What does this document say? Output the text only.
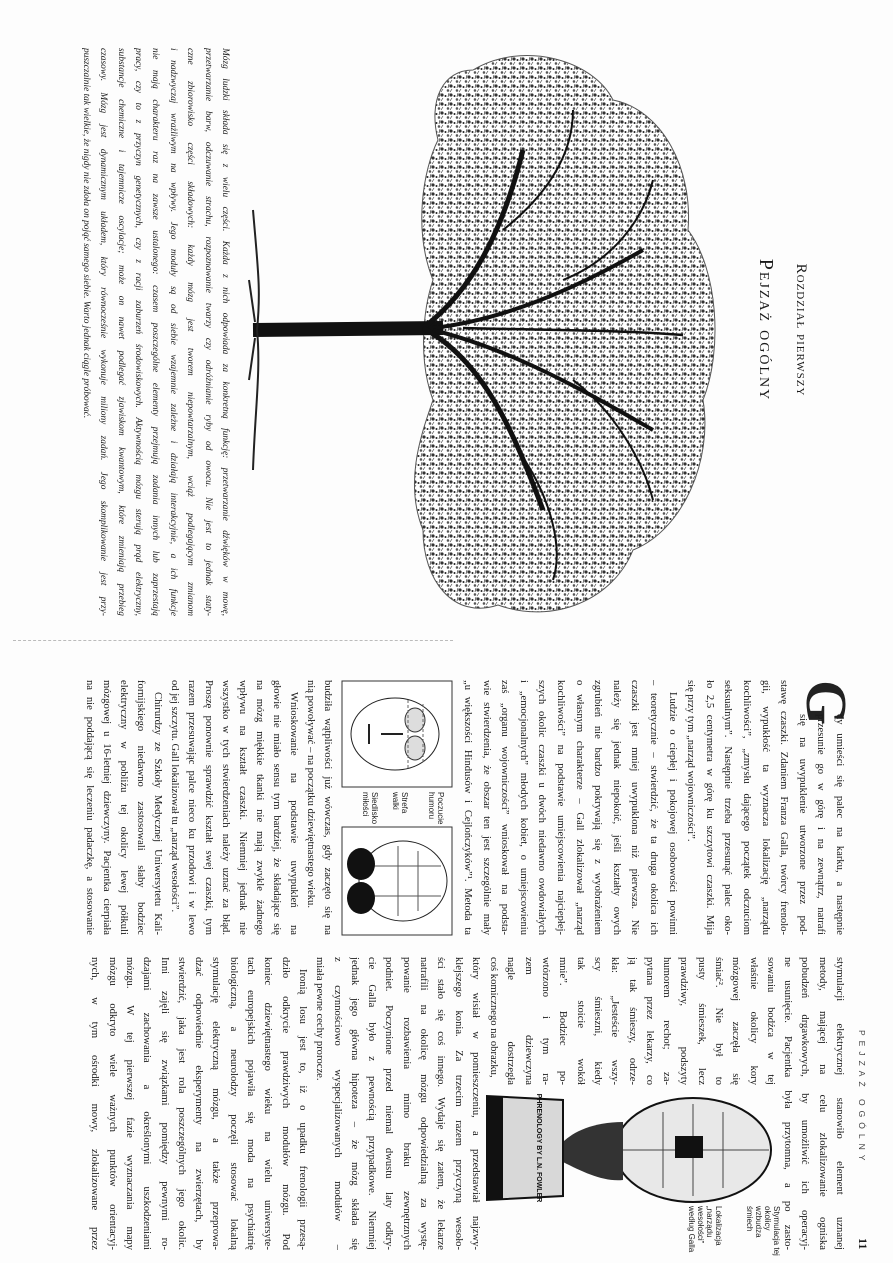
Rozdział pierwszy
Pejzaż ogólny
Mózg ludzki składa się z wielu części. Każda z nich odpowiada za konkretną funkcję: przetwarzanie dźwięków w mowę,
przetwarzanie barw, odczuwanie strachu, rozpoznawanie twarzy czy odróżnianie ryby od owocu. Nie jest to jednak staty-
czne zbiorowisko części składowych: każdy mózg jest tworem niepowtarzalnym, wciąż podlegającym zmianom
i nadzwyczaj wrażliwym na wpływy. Jego moduły są od siebie wzajemnie zależne i działają interakcyjnie, a ich funkcje
nie mają charakteru raz na zawsze ustalonego: czasem poszczególne elementy przejmują zadania innych lub zaprzestają
pracy, czy to z przyczyn genetycznych, czy z racji zaburzeń środowiskowych. Aktywnością mózgu sterują prąd elektryczny,
substancje chemiczne i tajemnicze oscylacje; może on nawet podlegać zjawiskom kwantowym, które zmieniają przebieg
czasowy. Mózg jest dynamicznym układem, który równocześnie wykonuje miliony zadań. Jego skomplikowanie jest przy-
puszczalnie tak wielkie, że nigdy nie zdoła on pojąć samego siebie. Warto jednak ciągle próbować.
PEJZAŻ OGÓLNY
11
G
dy umieści się palec na karku, a następnie
przesunie go w górę i na zewnątrz, natrafi
się na uwypuklenie utworzone przez pod-
stawę czaszki. Zdaniem Franza Galla, twórcy frenolo-
gii, wypukłość ta wyznacza lokalizację „narządu
kochliwości”, „zmysłu dającego początek odczuciom
seksualnym”. Następnie trzeba przesunąć palec oko-
ło 2,5 centymetra w górę ku szczytowi czaszki. Mija
się przy tym „narząd wojowniczości”.
Ludzie o ciepłej i pokojowej osobowości powinni
– teoretycznie – stwierdzić, że ta druga okolica ich
czaszki jest mniej uwypuklona niż pierwsza. Nie
należy się jednak niepokoić, jeśli kształty owych
zgrubień nie bardzo pokrywają się z wyobrażeniem
o własnym charakterze – Gall zlokalizował „narząd
kochliwości” na podstawie umiejscowienia najciepłej-
szych okolic czaszki u dwóch niedawno owdowiałych
i „emocjonalnych” młodych kobiet, o umiejscowieniu
zaś „organu wojowniczości” wnioskował na podsta-
wie stwierdzenia, że obszar ten jest szczególnie mały
„u większości Hindusów i Cejlończyków”¹. Metoda ta
Poczucie humoru
Strefa walki
Siedlisko miłości
budziła wątpliwości już wówczas, gdy zaczęto się na
nią powoływać – na początku dziewiętnastego wieku.
Wnioskowanie na podstawie uwypukleń na
głowie nie miało sensu tym bardziej, że składające się
na mózg miękkie tkanki nie mają zwykle żadnego
wpływu na kształt czaszki. Niemniej jednak nie
wszystko w tych stwierdzeniach należy uznać za błąd.
Proszę ponownie sprawdzić kształt swej czaszki, tym
razem przesuwając palce nieco ku przodowi i w lewo
od jej szczytu. Gall lokalizował tu „narząd wesołości”.
Chirurdzy ze Szkoły Medycznej Uniwersytetu Kali-
fornijskiego niedawno zastosowali słaby bodziec
elektryczny w pobliżu tej okolicy lewej półkuli
mózgowej u 16-letniej dziewczyny. Pacjentka cierpiała
na nie poddającą się leczeniu padaczkę, a stosowanie
stymulacji elektrycznej stanowiło element uznanej
metody, mającej na celu zlokalizowanie ogniska
pobudzeń drgawkowych, by umożliwić ich operacyj-
ne usunięcie. Pacjentka była przytomna, a po zasto-
sowaniu bodźca w tej
właśnie okolicy kory
mózgowej zaczęła się
śmiać². Nie był to
pusty śmieszek, lecz
prawdziwy, podszyty
humorem rechot; za-
pytana przez lekarzy, co
ją tak śmieszy, odrze-
kła: „Jesteście wszy-
scy śmieszni, kiedy
tak stoicie wokół
mnie”. Bodziec po-
wtórzono i tym ra-
zem dziewczyna
nagle dostrzegła
coś komicznego na obrazku,
który wisiał w pomieszczeniu, a przedstawiał najzwy-
klejszego konia. Za trzecim razem przyczyną wesoło-
ści stało się coś innego. Wydaje się zatem, że lekarze
natrafili na okolicę mózgu odpowiedzialną za wystę-
powanie rozbawienia mimo braku zewnętrznych
podniet. Poczynione przed niemal dwustu laty odkry-
cie Galla było z pewnością przypadkowe. Niemniej
jednak jego główna hipoteza – że mózg składa się
z czynnościowo wyspecjalizowanych modułów –
miała pewne cechy prorocze.
Ironią losu jest to, iż o upadku frenologii przesą-
dziło odkrycie prawdziwych modułów mózgu. Pod
koniec dziewiętnastego wieku na wielu uniwersyte-
tach europejskich pojawiła się moda na psychiatrię
biologiczną, a neurolodzy poczęli stosować lokalną
stymulację elektryczną mózgu, a także przeprowa-
dzać odpowiednie eksperymenty na zwierzętach, by
stwierdzić, jaka jest rola poszczególnych jego okolic.
Inni zajęli się związkami pomiędzy pewnymi ro-
dzajami zachowania a określonymi uszkodzeniami
mózgu. W tej pierwszej fazie wyznaczania mapy
mózgu odkryto wiele ważnych punktów orientacyj-
nych, w tym ośrodki mowy, zlokalizowane przez	PHRENOLOGY BY L.N. FOWLER
Stymulacja tej okolicy wzbudza śmiech
Lokalizacja „narządu wesołości” według Galla
